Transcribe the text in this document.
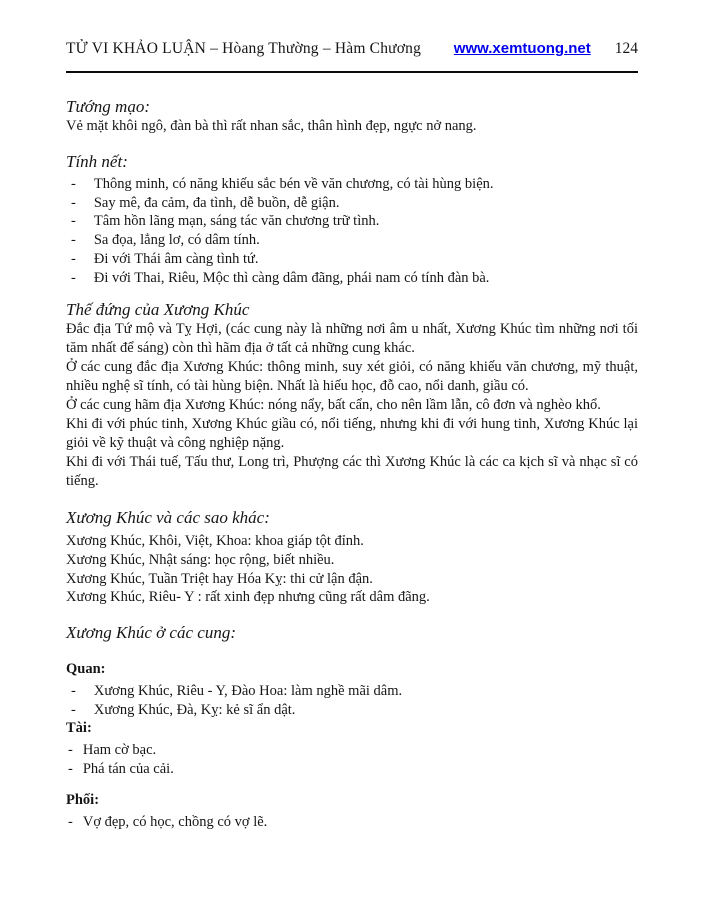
TỬ VI KHẢO LUẬN – Hòang Thường – Hàm Chương www.xemtuong.net 124
Tướng mạo:

Vẻ mặt khôi ngô, đàn bà thì rất nhan sắc, thân hình đẹp, ngực nở nang.

Tính nết:
-	Thông minh, có năng khiếu sắc bén về văn chương, có tài hùng biện.
-	Say mê, đa cảm, đa tình, dễ buồn, dễ giận.
-	Tâm hồn lãng mạn, sáng tác văn chương trữ tình.
-	Sa đọa, lẳng lơ, có dâm tính.
-	Đi với Thái âm càng tình tứ.
-	Đi với Thai, Riêu, Mộc thì càng dâm đãng, phái nam có tính đàn bà.
Thế đứng của Xương Khúc

Đắc địa Tứ mộ và Tỵ Hợi, (các cung này là những nơi âm u nhất, Xương Khúc tìm những nơi tối tăm nhất để sáng) còn thì hãm địa ở tất cả những cung khác.

Ở các cung đắc địa Xương Khúc: thông minh, suy xét giỏi, có năng khiếu văn chương, mỹ thuật, nhiều nghệ sĩ tính, có tài hùng biện. Nhất là hiếu học, đỗ cao, nổi danh, giầu có.

Ở các cung hãm địa Xương Khúc: nóng nẩy, bất cẩn, cho nên lầm lẫn, cô đơn và nghèo khổ.

Khi đi với phúc tinh, Xương Khúc giầu có, nổi tiếng, nhưng khi đi với hung tinh, Xương Khúc lại giỏi về kỹ thuật và công nghiệp nặng.

Khi đi với Thái tuế, Tấu thư, Long trì, Phượng các thì Xương Khúc là các ca kịch sĩ và nhạc sĩ có tiếng.

Xương Khúc và các sao khác:

Xương Khúc, Khôi, Việt, Khoa: khoa giáp tột đỉnh.

Xương Khúc, Nhật sáng: học rộng, biết nhiều.

Xương Khúc, Tuần Triệt hay Hóa Kỵ: thi cử lận đận.

Xương Khúc, Riêu- Y : rất xinh đẹp nhưng cũng rất dâm đãng.

Xương Khúc ở các cung:
Quan:
-	Xương Khúc, Riêu - Y, Đào Hoa: làm nghề mãi dâm.
-	Xương Khúc, Đà, Kỵ: kẻ sĩ ẩn dật.
Tài:
- Ham cờ bạc.
- Phá tán của cải.
Phối:
- Vợ đẹp, có học, chồng có vợ lẽ.
